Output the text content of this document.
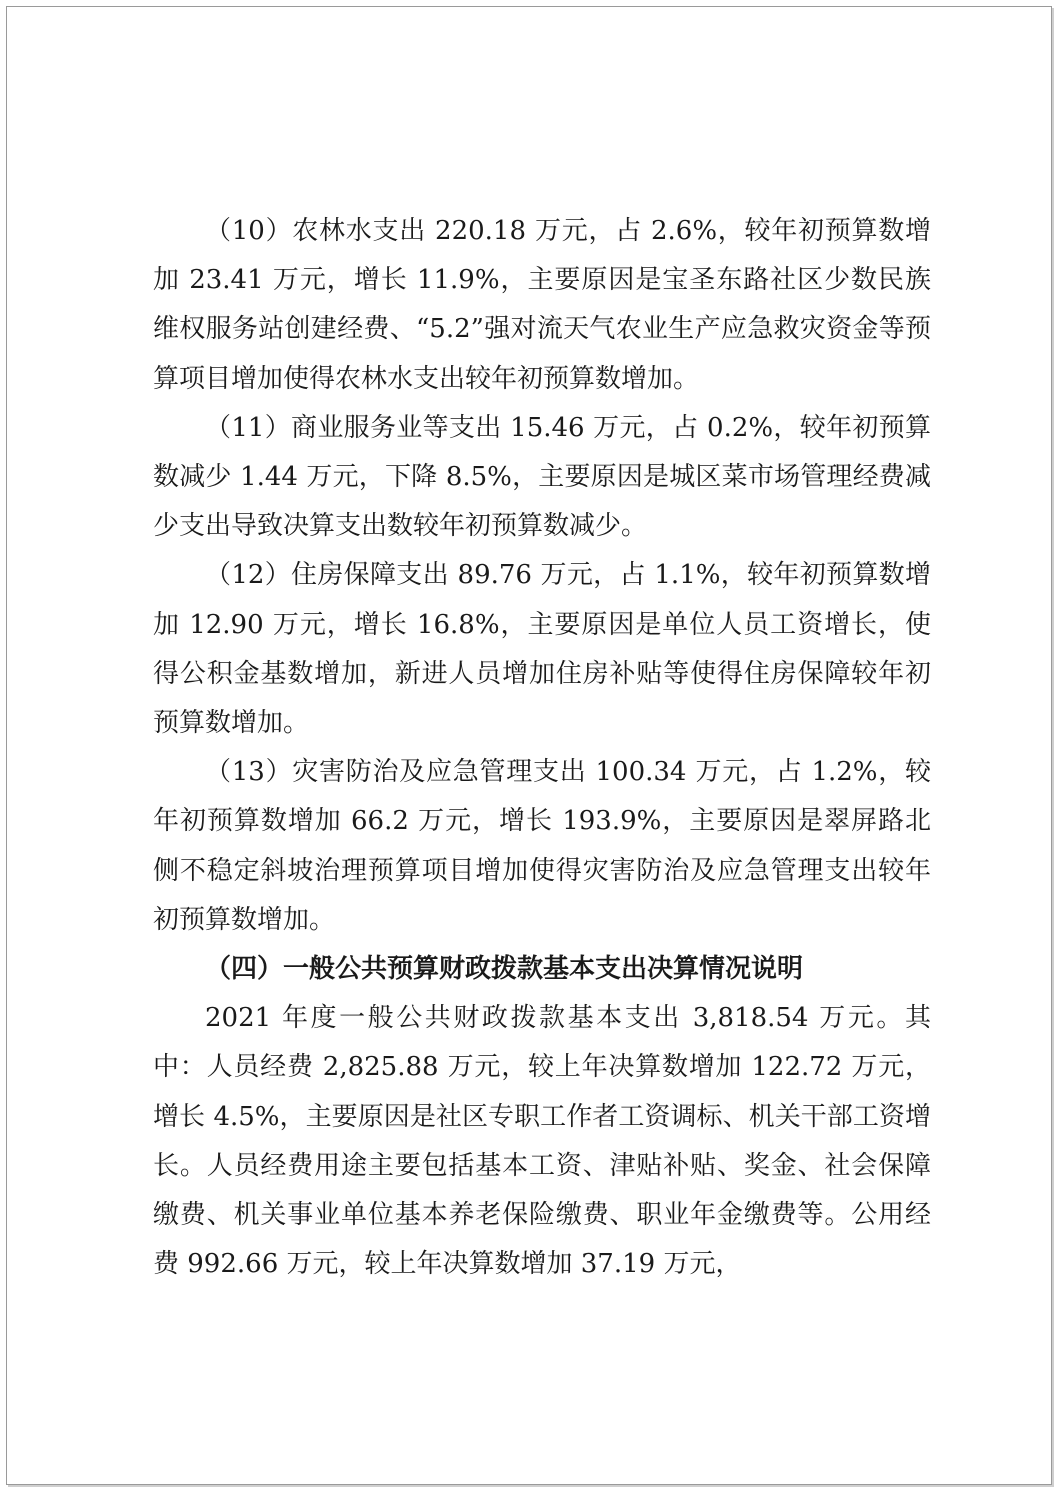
（10）农林水支出 220.18 万元，占 2.6%，较年初预算数增加 23.41 万元，增长 11.9%，主要原因是宝圣东路社区少数民族维权服务站创建经费、“5.2”强对流天气农业生产应急救灾资金等预算项目增加使得农林水支出较年初预算数增加。

（11）商业服务业等支出 15.46 万元，占 0.2%，较年初预算数减少 1.44 万元，下降 8.5%，主要原因是城区菜市场管理经费减少支出导致决算支出数较年初预算数减少。

（12）住房保障支出 89.76 万元，占 1.1%，较年初预算数增加 12.90 万元，增长 16.8%，主要原因是单位人员工资增长，使得公积金基数增加，新进人员增加住房补贴等使得住房保障较年初预算数增加。

（13）灾害防治及应急管理支出 100.34 万元，占 1.2%，较年初预算数增加 66.2 万元，增长 193.9%，主要原因是翠屏路北侧不稳定斜坡治理预算项目增加使得灾害防治及应急管理支出较年初预算数增加。

（四）一般公共预算财政拨款基本支出决算情况说明

2021 年度一般公共财政拨款基本支出 3,818.54 万元。其中：人员经费 2,825.88 万元，较上年决算数增加 122.72 万元，增长 4.5%，主要原因是社区专职工作者工资调标、机关干部工资增长。人员经费用途主要包括基本工资、津贴补贴、奖金、社会保障缴费、机关事业单位基本养老保险缴费、职业年金缴费等。公用经费 992.66 万元，较上年决算数增加 37.19 万元，
